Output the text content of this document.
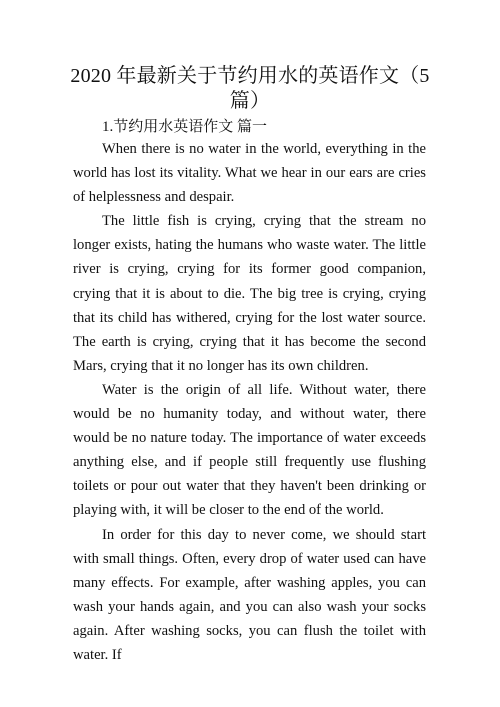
2020 年最新关于节约用水的英语作文（5 篇）
1.节约用水英语作文 篇一

When there is no water in the world, everything in the world has lost its vitality. What we hear in our ears are cries of helplessness and despair.

The little fish is crying, crying that the stream no longer exists, hating the humans who waste water. The little river is crying, crying for its former good companion, crying that it is about to die. The big tree is crying, crying that its child has withered, crying for the lost water source. The earth is crying, crying that it has become the second Mars, crying that it no longer has its own children.

Water is the origin of all life. Without water, there would be no humanity today, and without water, there would be no nature today. The importance of water exceeds anything else, and if people still frequently use flushing toilets or pour out water that they haven't been drinking or playing with, it will be closer to the end of the world.

In order for this day to never come, we should start with small things. Often, every drop of water used can have many effects. For example, after washing apples, you can wash your hands again, and you can also wash your socks again. After washing socks, you can flush the toilet with water. If
